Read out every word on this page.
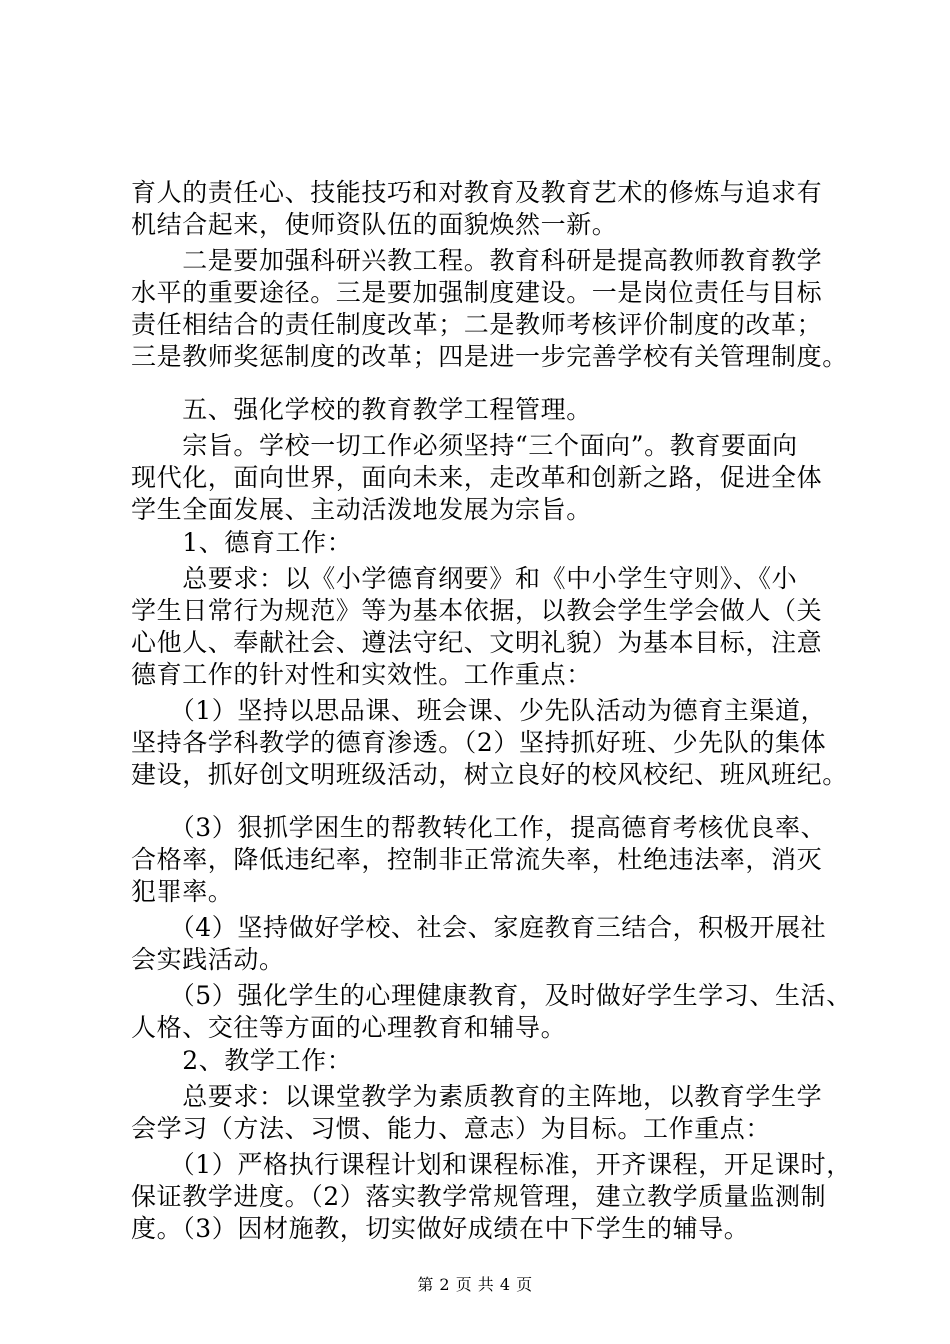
育人的责任心、技能技巧和对教育及教育艺术的修炼与追求有
机结合起来，使师资队伍的面貌焕然一新。
　　二是要加强科研兴教工程。教育科研是提高教师教育教学
水平的重要途径。三是要加强制度建设。一是岗位责任与目标
责任相结合的责任制度改革；二是教师考核评价制度的改革；
三是教师奖惩制度的改革；四是进一步完善学校有关管理制度。
　　五、强化学校的教育教学工程管理。
　　宗旨。学校一切工作必须坚持“三个面向”。教育要面向
现代化，面向世界，面向未来，走改革和创新之路，促进全体
学生全面发展、主动活泼地发展为宗旨。
　　1、德育工作：
　　总要求：以《小学德育纲要》和《中小学生守则》、《小
学生日常行为规范》等为基本依据，以教会学生学会做人（关
心他人、奉献社会、遵法守纪、文明礼貌）为基本目标，注意
德育工作的针对性和实效性。工作重点：
　　（1）坚持以思品课、班会课、少先队活动为德育主渠道，
坚持各学科教学的德育渗透。（2）坚持抓好班、少先队的集体
建设，抓好创文明班级活动，树立良好的校风校纪、班风班纪。
　　（3）狠抓学困生的帮教转化工作，提高德育考核优良率、
合格率，降低违纪率，控制非正常流失率，杜绝违法率，消灭
犯罪率。
　　（4）坚持做好学校、社会、家庭教育三结合，积极开展社
会实践活动。
　　（5）强化学生的心理健康教育，及时做好学生学习、生活、
人格、交往等方面的心理教育和辅导。
　　2、教学工作：
　　总要求：以课堂教学为素质教育的主阵地，以教育学生学
会学习（方法、习惯、能力、意志）为目标。工作重点：
　　（1）严格执行课程计划和课程标准，开齐课程，开足课时，
保证教学进度。（2）落实教学常规管理，建立教学质量监测制
度。（3）因材施教，切实做好成绩在中下学生的辅导。
第 2 页 共 4 页
